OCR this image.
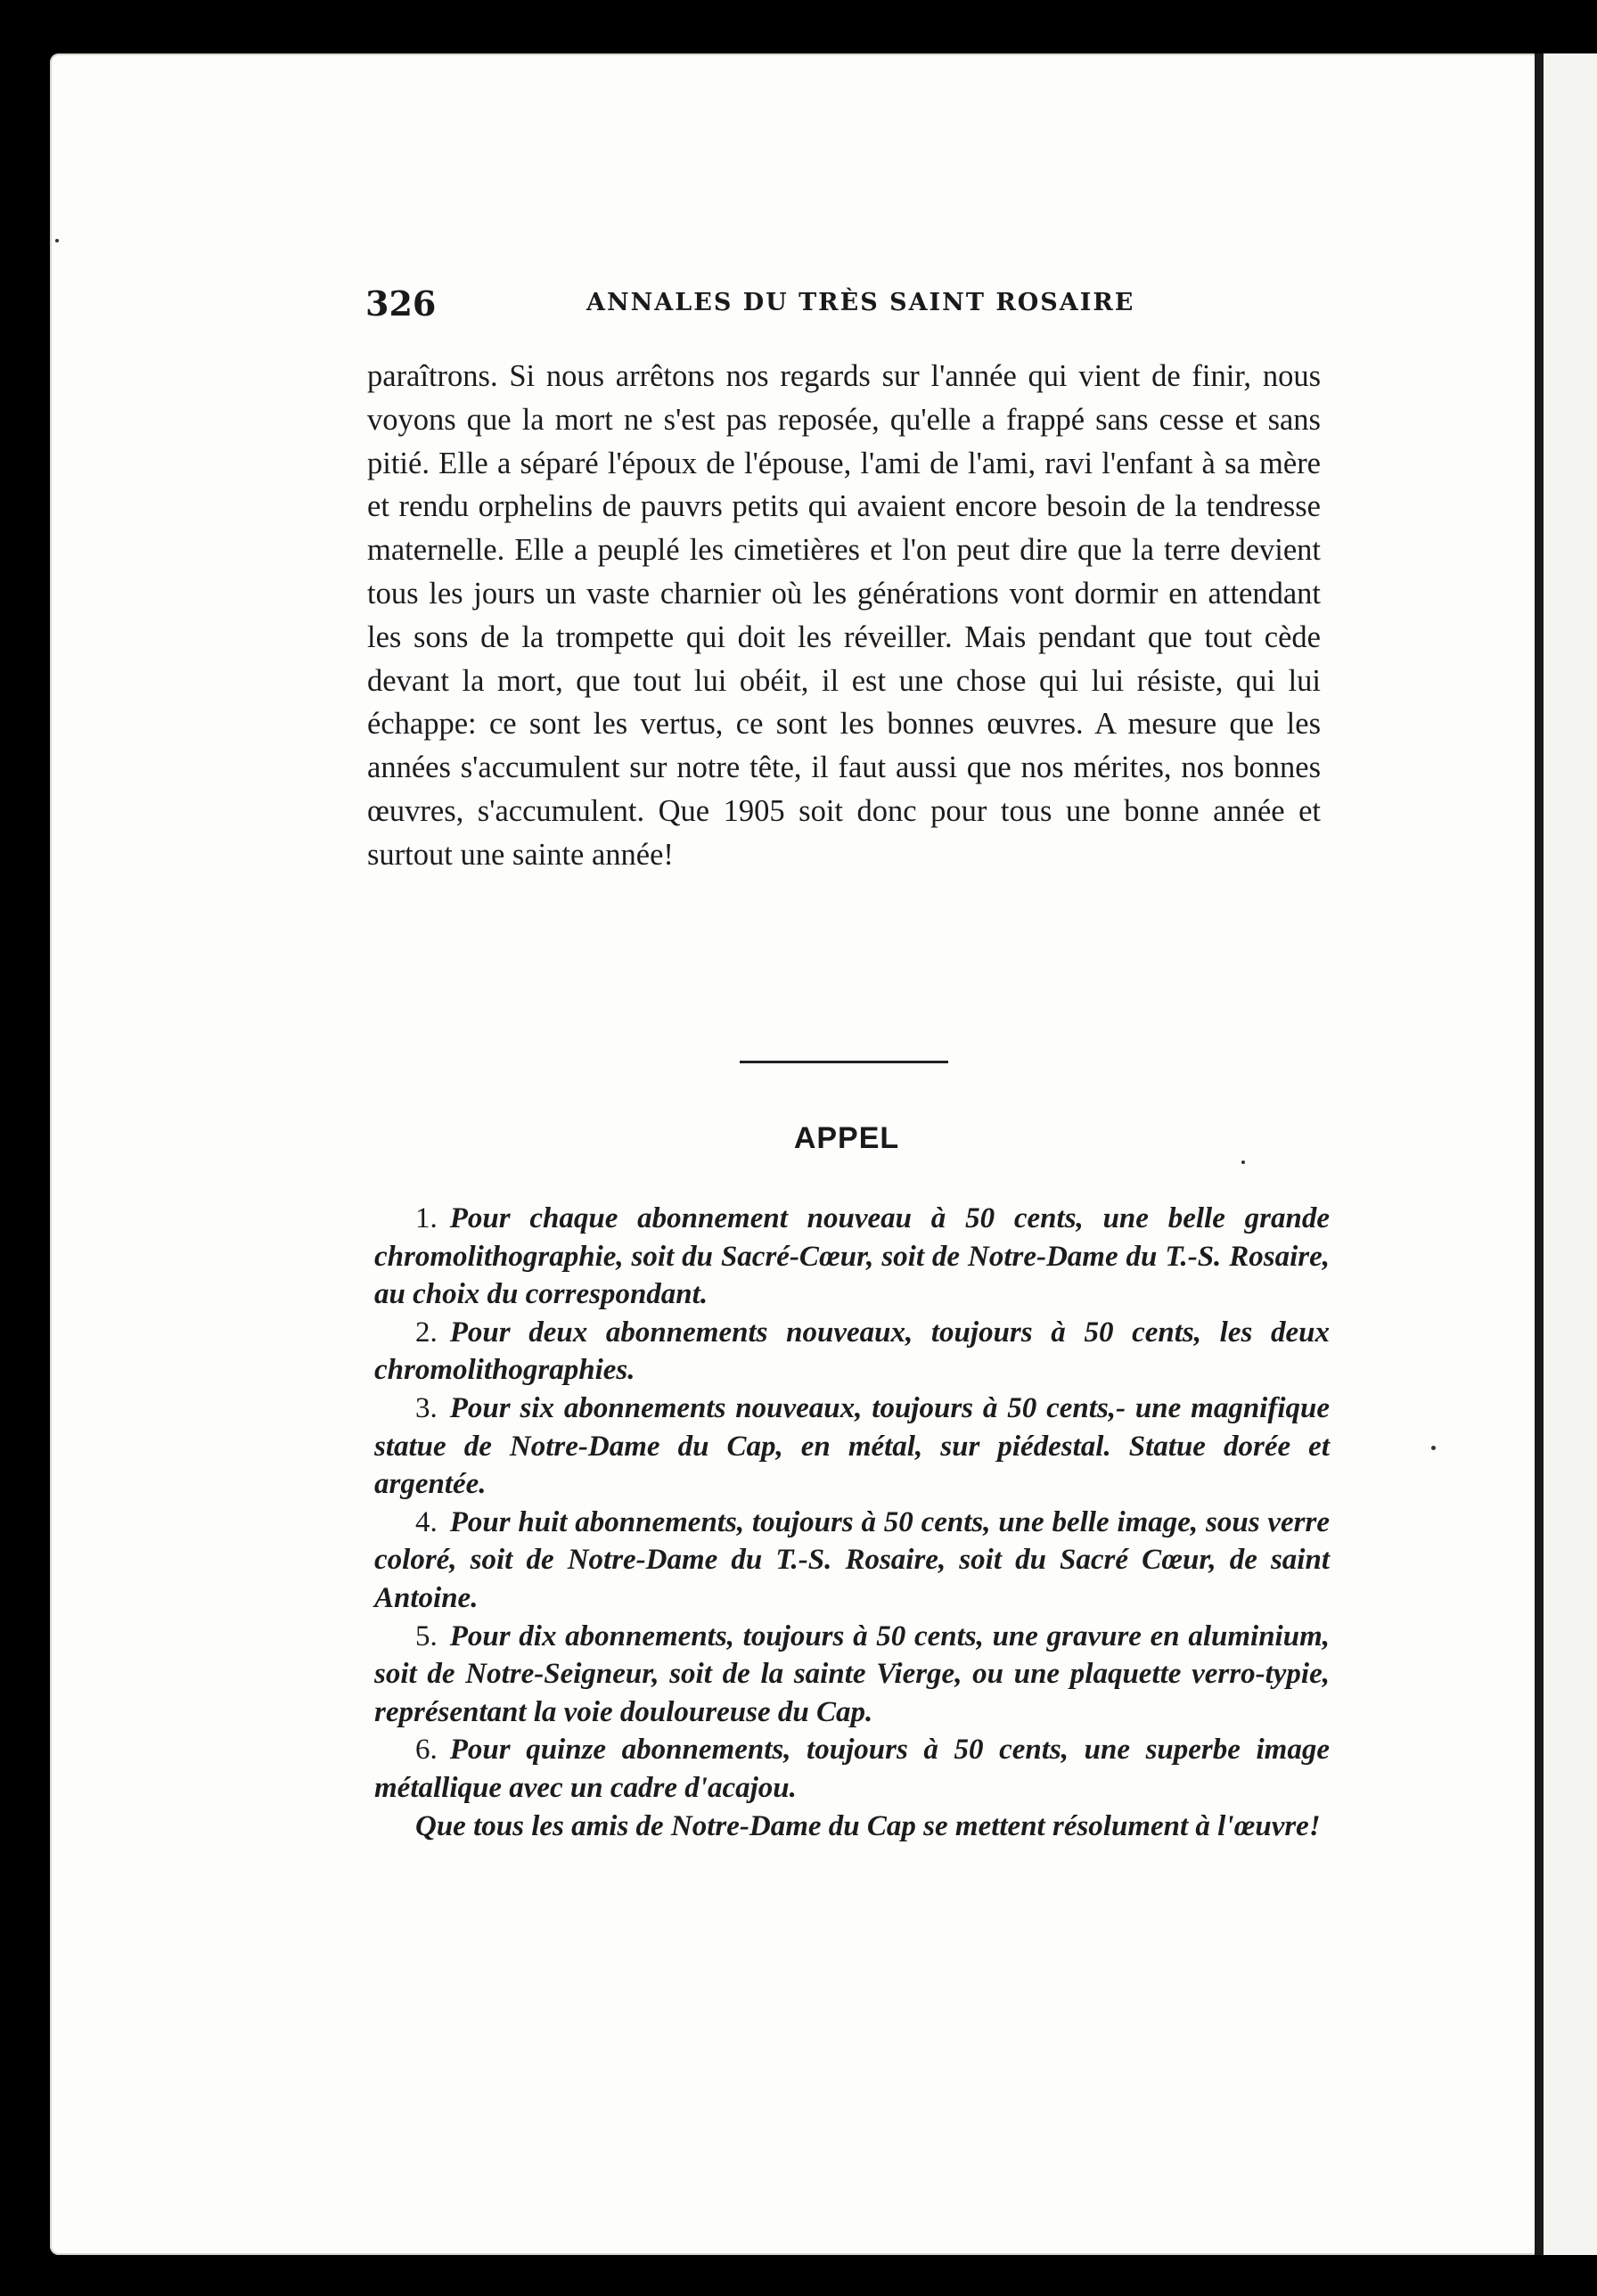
326	ANNALES DU TRÈS SAINT ROSAIRE

paraîtrons. Si nous arrêtons nos regards sur l'année qui vient de finir, nous voyons que la mort ne s'est pas reposée, qu'elle a frappé sans cesse et sans pitié. Elle a séparé l'époux de l'épouse, l'ami de l'ami, ravi l'enfant à sa mère et rendu orphelins de pauvrs petits qui avaient encore besoin de la tendresse maternelle. Elle a peuplé les cimetières et l'on peut dire que la terre devient tous les jours un vaste charnier où les générations vont dormir en attendant les sons de la trompette qui doit les réveiller. Mais pendant que tout cède devant la mort, que tout lui obéit, il est une chose qui lui résiste, qui lui échappe: ce sont les vertus, ce sont les bonnes œuvres. A mesure que les années s'accumulent sur notre tête, il faut aussi que nos mérites, nos bonnes œuvres, s'accumulent. Que 1905 soit donc pour tous une bonne année et surtout une sainte année!

APPEL

1. Pour chaque abonnement nouveau à 50 cents, une belle grande chromolithographie, soit du Sacré-Cœur, soit de Notre-Dame du T.-S. Rosaire, au choix du correspondant.

2. Pour deux abonnements nouveaux, toujours à 50 cents, les deux chromolithographies.

3. Pour six abonnements nouveaux, toujours à 50 cents,- une magnifique statue de Notre-Dame du Cap, en métal, sur piédestal. Statue dorée et argentée.

4. Pour huit abonnements, toujours à 50 cents, une belle image, sous verre coloré, soit de Notre-Dame du T.-S. Rosaire, soit du Sacré Cœur, de saint Antoine.

5. Pour dix abonnements, toujours à 50 cents, une gravure en aluminium, soit de Notre-Seigneur, soit de la sainte Vierge, ou une plaquette verro-typie, représentant la voie douloureuse du Cap.

6. Pour quinze abonnements, toujours à 50 cents, une superbe image métallique avec un cadre d'acajou.

Que tous les amis de Notre-Dame du Cap se mettent résolument à l'œuvre!
